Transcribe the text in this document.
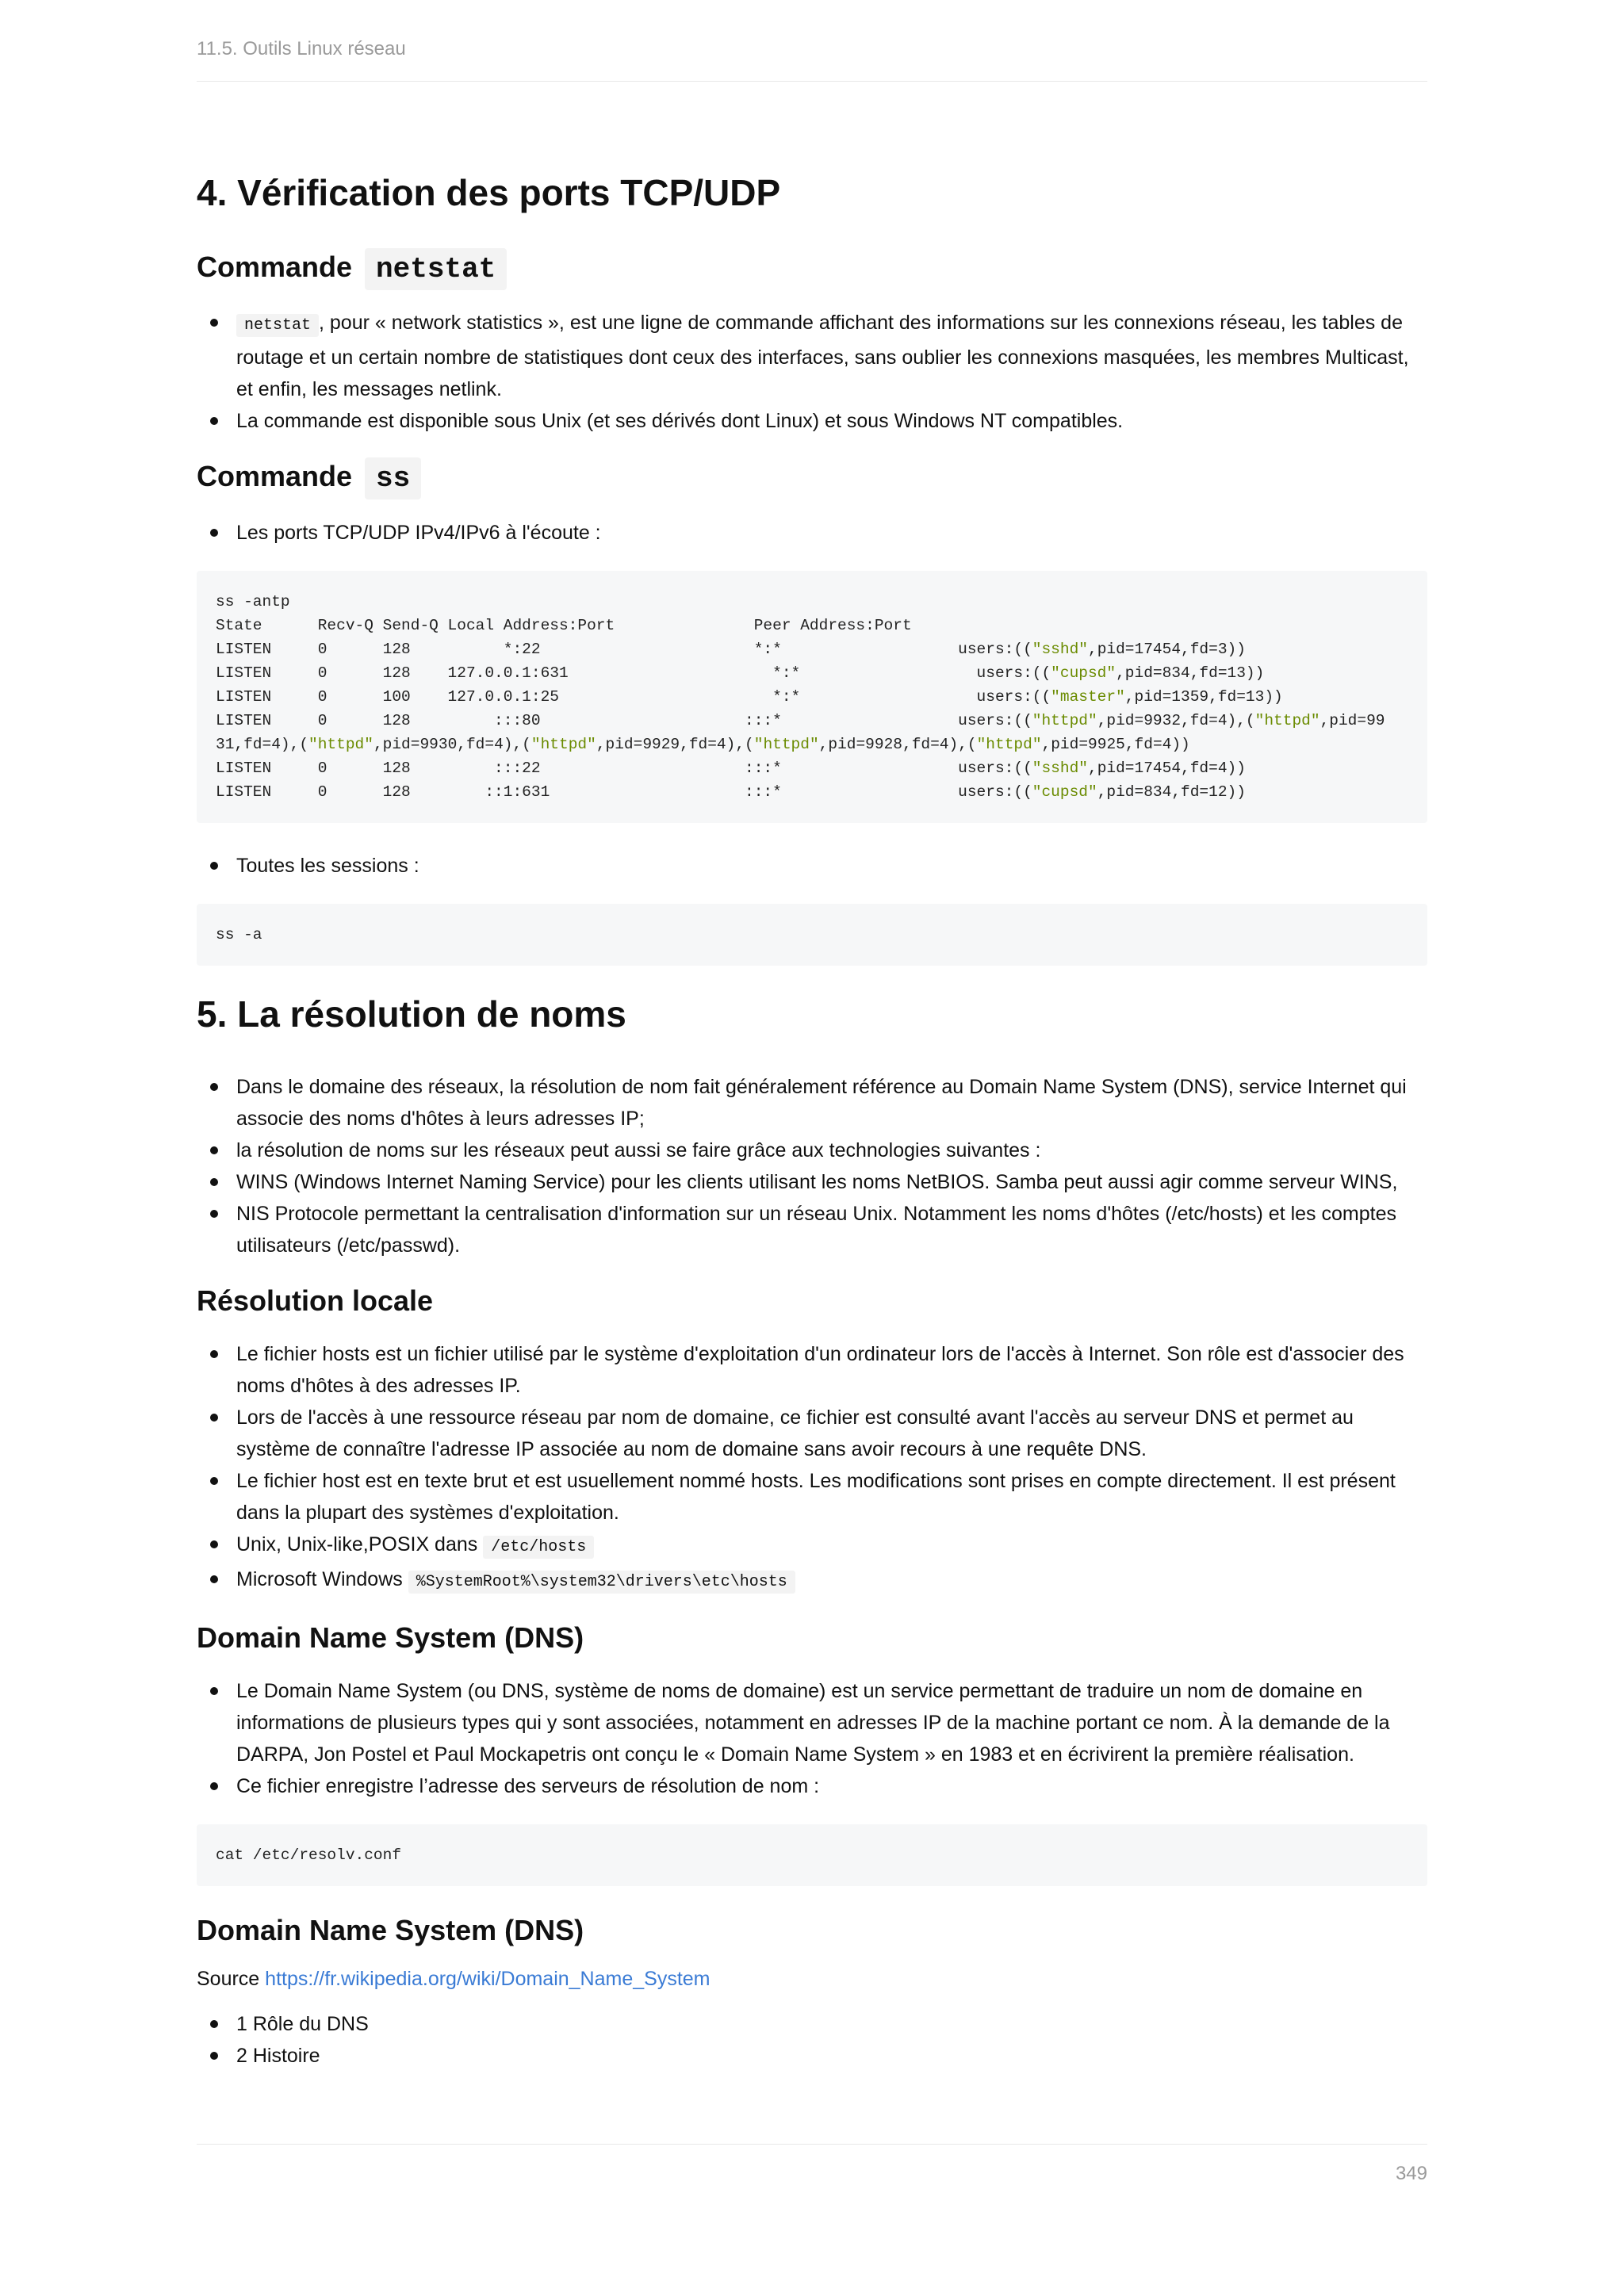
11.5. Outils Linux réseau
4. Vérification des ports TCP/UDP
Commande netstat
netstat , pour « network statistics », est une ligne de commande affichant des informations sur les connexions réseau, les tables de routage et un certain nombre de statistiques dont ceux des interfaces, sans oublier les connexions masquées, les membres Multicast, et enfin, les messages netlink.
La commande est disponible sous Unix (et ses dérivés dont Linux) et sous Windows NT compatibles.
Commande ss
Les ports TCP/UDP IPv4/IPv6 à l'écoute :
ss -antp
State      Recv-Q Send-Q Local Address:Port               Peer Address:Port
LISTEN     0      128          *:22                       *:*                   users:(("sshd",pid=17454,fd=3))
LISTEN     0      128    127.0.0.1:631                      *:*                   users:(("cupsd",pid=834,fd=13))
LISTEN     0      100    127.0.0.1:25                       *:*                   users:(("master",pid=1359,fd=13))
LISTEN     0      128         :::80                      :::*                   users:(("httpd",pid=9932,fd=4),("httpd",pid=99
31,fd=4),("httpd",pid=9930,fd=4),("httpd",pid=9929,fd=4),("httpd",pid=9928,fd=4),("httpd",pid=9925,fd=4))
LISTEN     0      128         :::22                      :::*                   users:(("sshd",pid=17454,fd=4))
LISTEN     0      128        ::1:631                     :::*                   users:(("cupsd",pid=834,fd=12))
Toutes les sessions :
ss -a
5. La résolution de noms
Dans le domaine des réseaux, la résolution de nom fait généralement référence au Domain Name System (DNS), service Internet qui associe des noms d'hôtes à leurs adresses IP;
la résolution de noms sur les réseaux peut aussi se faire grâce aux technologies suivantes :
WINS (Windows Internet Naming Service) pour les clients utilisant les noms NetBIOS. Samba peut aussi agir comme serveur WINS,
NIS Protocole permettant la centralisation d'information sur un réseau Unix. Notamment les noms d'hôtes (/etc/hosts) et les comptes utilisateurs (/etc/passwd).
Résolution locale
Le fichier hosts est un fichier utilisé par le système d'exploitation d'un ordinateur lors de l'accès à Internet. Son rôle est d'associer des noms d'hôtes à des adresses IP.
Lors de l'accès à une ressource réseau par nom de domaine, ce fichier est consulté avant l'accès au serveur DNS et permet au système de connaître l'adresse IP associée au nom de domaine sans avoir recours à une requête DNS.
Le fichier host est en texte brut et est usuellement nommé hosts. Les modifications sont prises en compte directement. Il est présent dans la plupart des systèmes d'exploitation.
Unix, Unix-like,POSIX dans /etc/hosts
Microsoft Windows %SystemRoot%\system32\drivers\etc\hosts
Domain Name System (DNS)
Le Domain Name System (ou DNS, système de noms de domaine) est un service permettant de traduire un nom de domaine en informations de plusieurs types qui y sont associées, notamment en adresses IP de la machine portant ce nom. À la demande de la DARPA, Jon Postel et Paul Mockapetris ont conçu le « Domain Name System » en 1983 et en écrivirent la première réalisation.
Ce fichier enregistre l’adresse des serveurs de résolution de nom :
cat /etc/resolv.conf
Domain Name System (DNS)

Source https://fr.wikipedia.org/wiki/Domain_Name_System

1 Rôle du DNS
2 Histoire
349
